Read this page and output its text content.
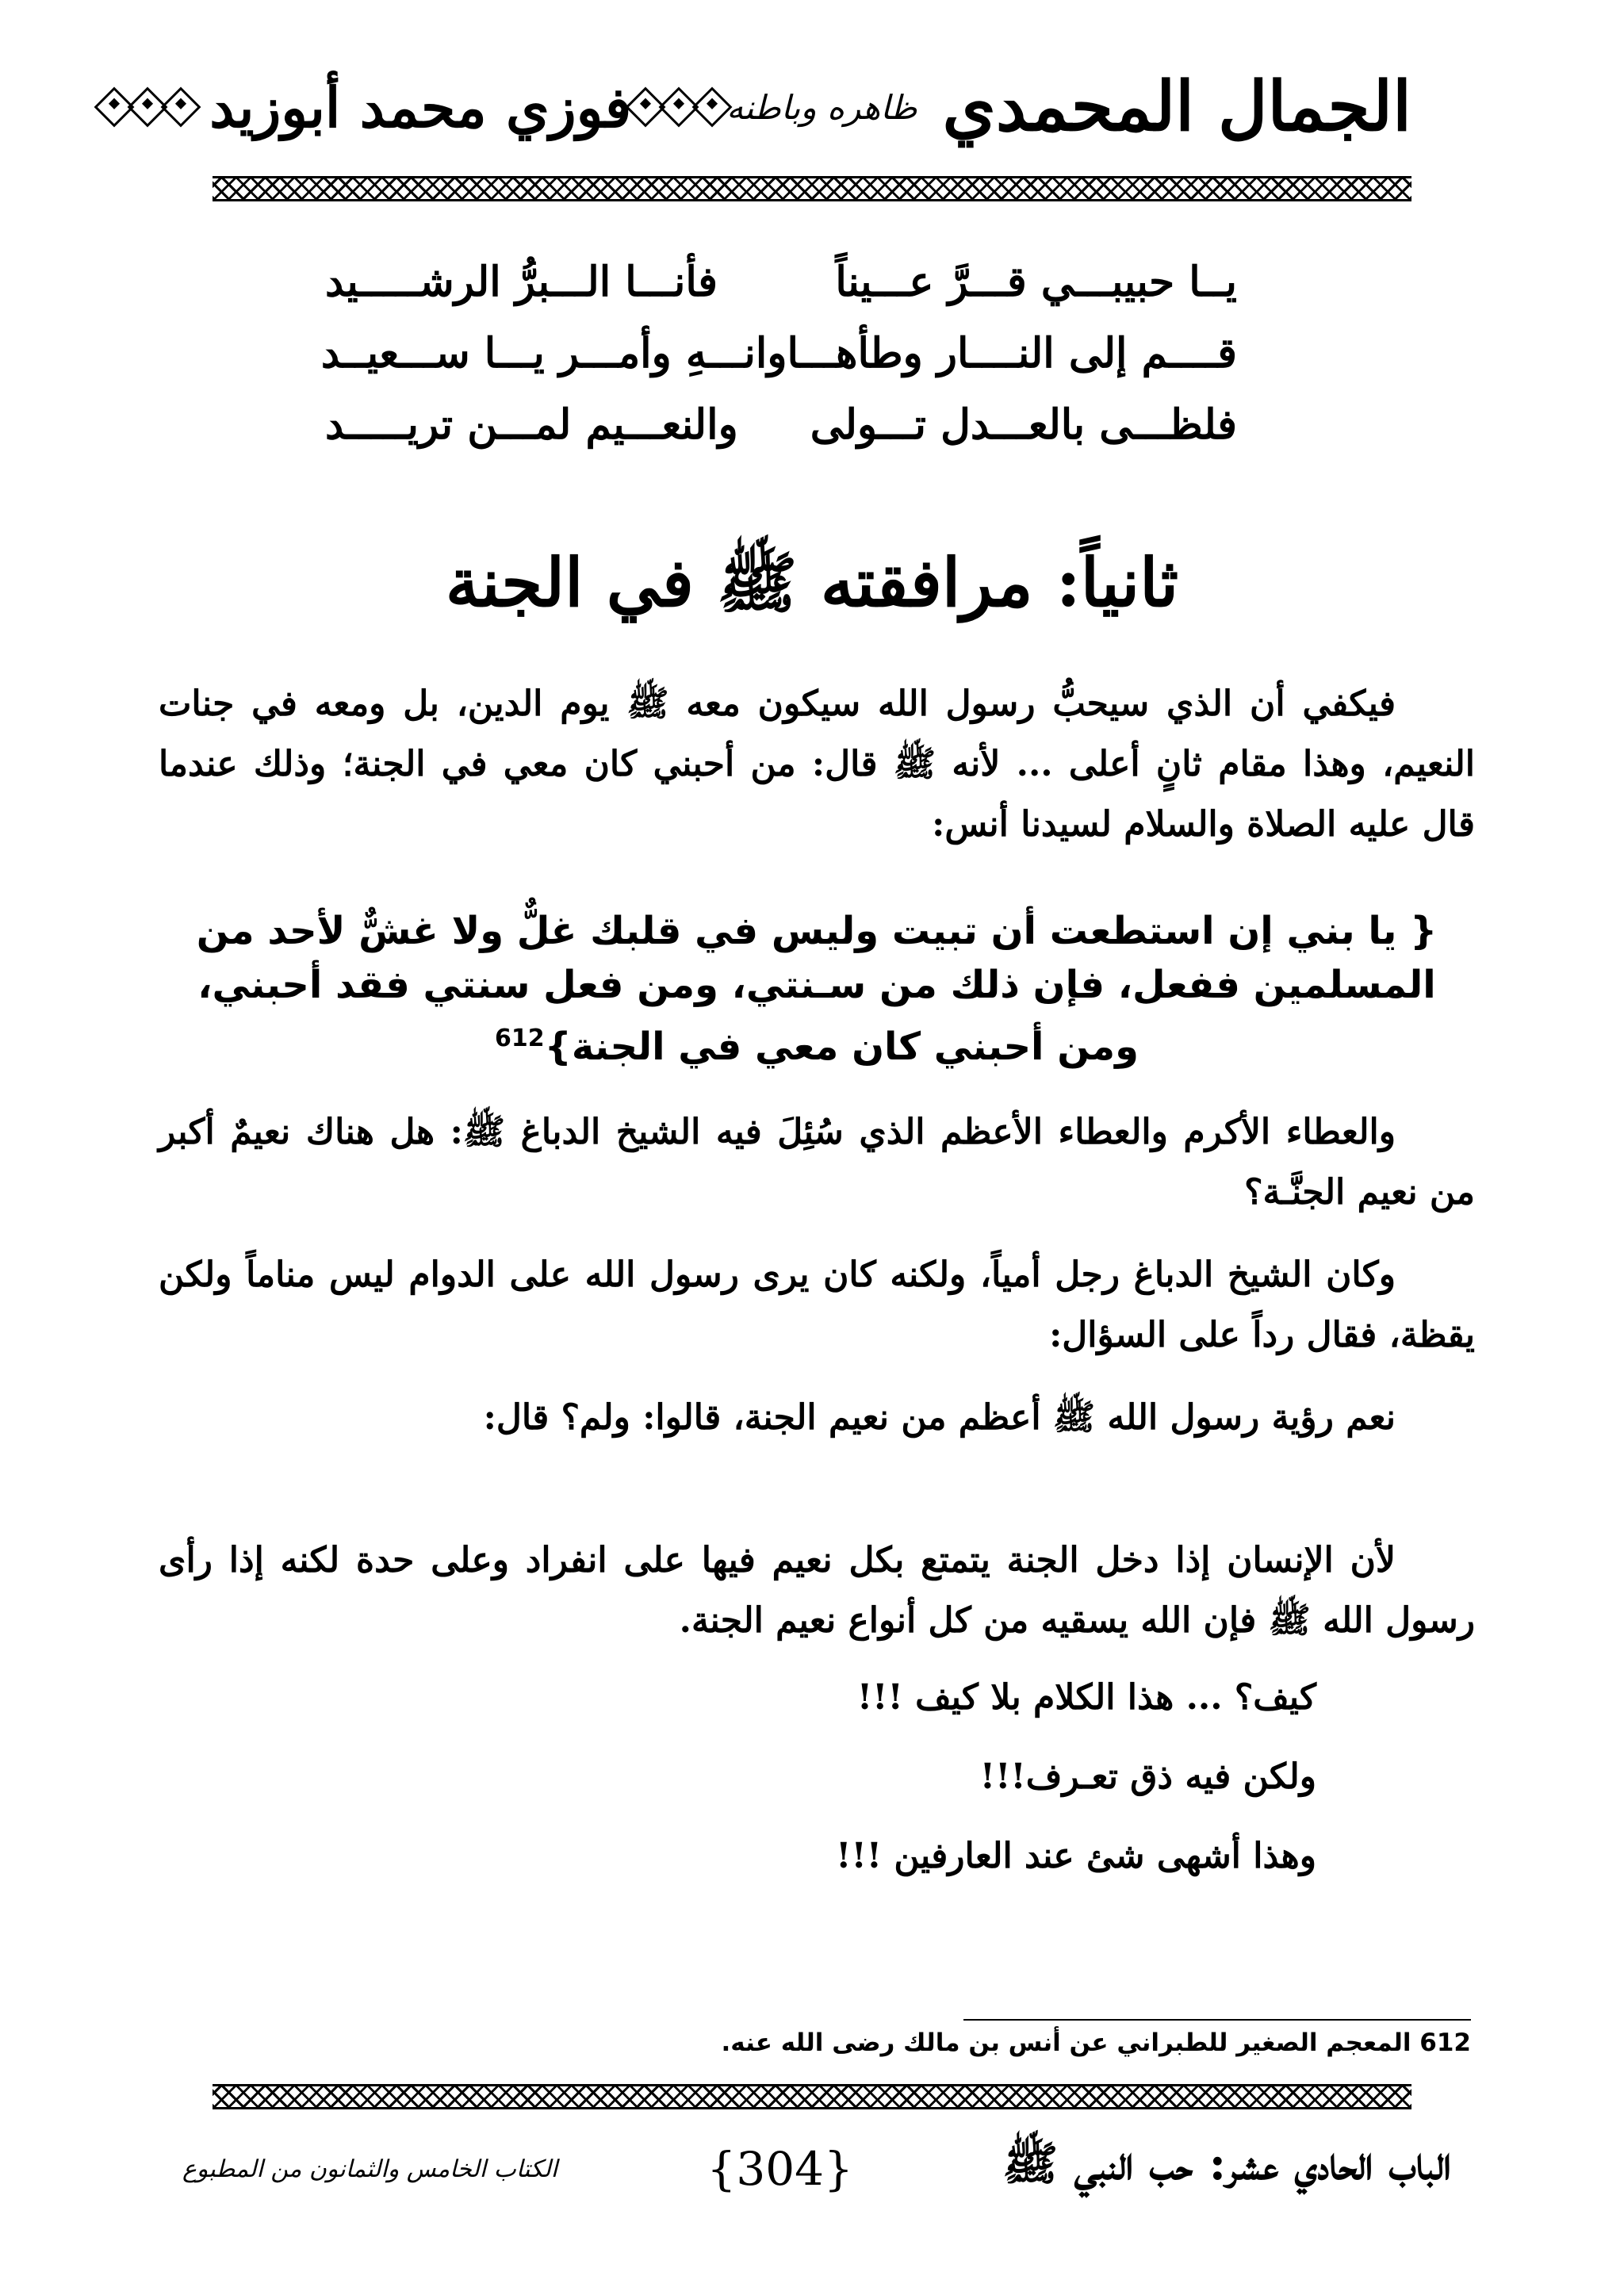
الجمال المحمدي
ظاهره وباطنه
فوزي محمد أبوزيد
يــا حبيبـــي قـــرَّ عـــيناً
فأنـــا الـــبرُّ الرشـــــيد
قــــم إلى النــــار وطأهـــا
وانـــهِ وأمـــر يـــا ســـعيــد
فلظـــى بالعـــدل تـــولى
والنعـــيم لمـــن تريـــــد
ثانياً: مرافقته ﷺ في الجنة

فيكفي أن الذي سيحبُّ رسول الله سيكون معه ﷺ يوم الدين، بل ومعه في جنات النعيم، وهذا مقام ثانٍ أعلى ... لأنه ﷺ قال: من أحبني كان معي في الجنة؛ وذلك عندما قال عليه الصلاة والسلام لسيدنا أنس:

{ يا بني إن استطعت أن تبيت وليس في قلبك غلٌّ ولا غشٌّ لأحد من المسلمين ففعل، فإن ذلك من سـنتي، ومن فعل سنتي فقد أحبني، ومن أحبني كان معي في الجنة}$^{612}$

والعطاء الأكرم والعطاء الأعظم الذي سُئِلَ فيه الشيخ الدباغ ﷺ: هل هناك نعيمٌ أكبر من نعيم الجنَّـة؟

وكان الشيخ الدباغ رجل أمياً، ولكنه كان يرى رسول الله على الدوام ليس مناماً ولكن يقظة، فقال رداً على السؤال:

نعم رؤية رسول الله ﷺ أعظم من نعيم الجنة، قالوا: ولم؟ قال:

لأن الإنسان إذا دخل الجنة يتمتع بكل نعيم فيها على انفراد وعلى حدة لكنه إذا رأى رسول الله ﷺ فإن الله يسقيه من كل أنواع نعيم الجنة.

كيف؟ ... هذا الكلام بلا كيف !!!
ولكن فيه ذق تعـرف!!!
وهذا أشهى شئ عند العارفين !!!
612 المعجم الصغير للطبراني عن أنس بن مالك رضى الله عنه.
الباب الحادي عشر: حب النبي ﷺ
{304}
الكتاب الخامس والثمانون من المطبوع
